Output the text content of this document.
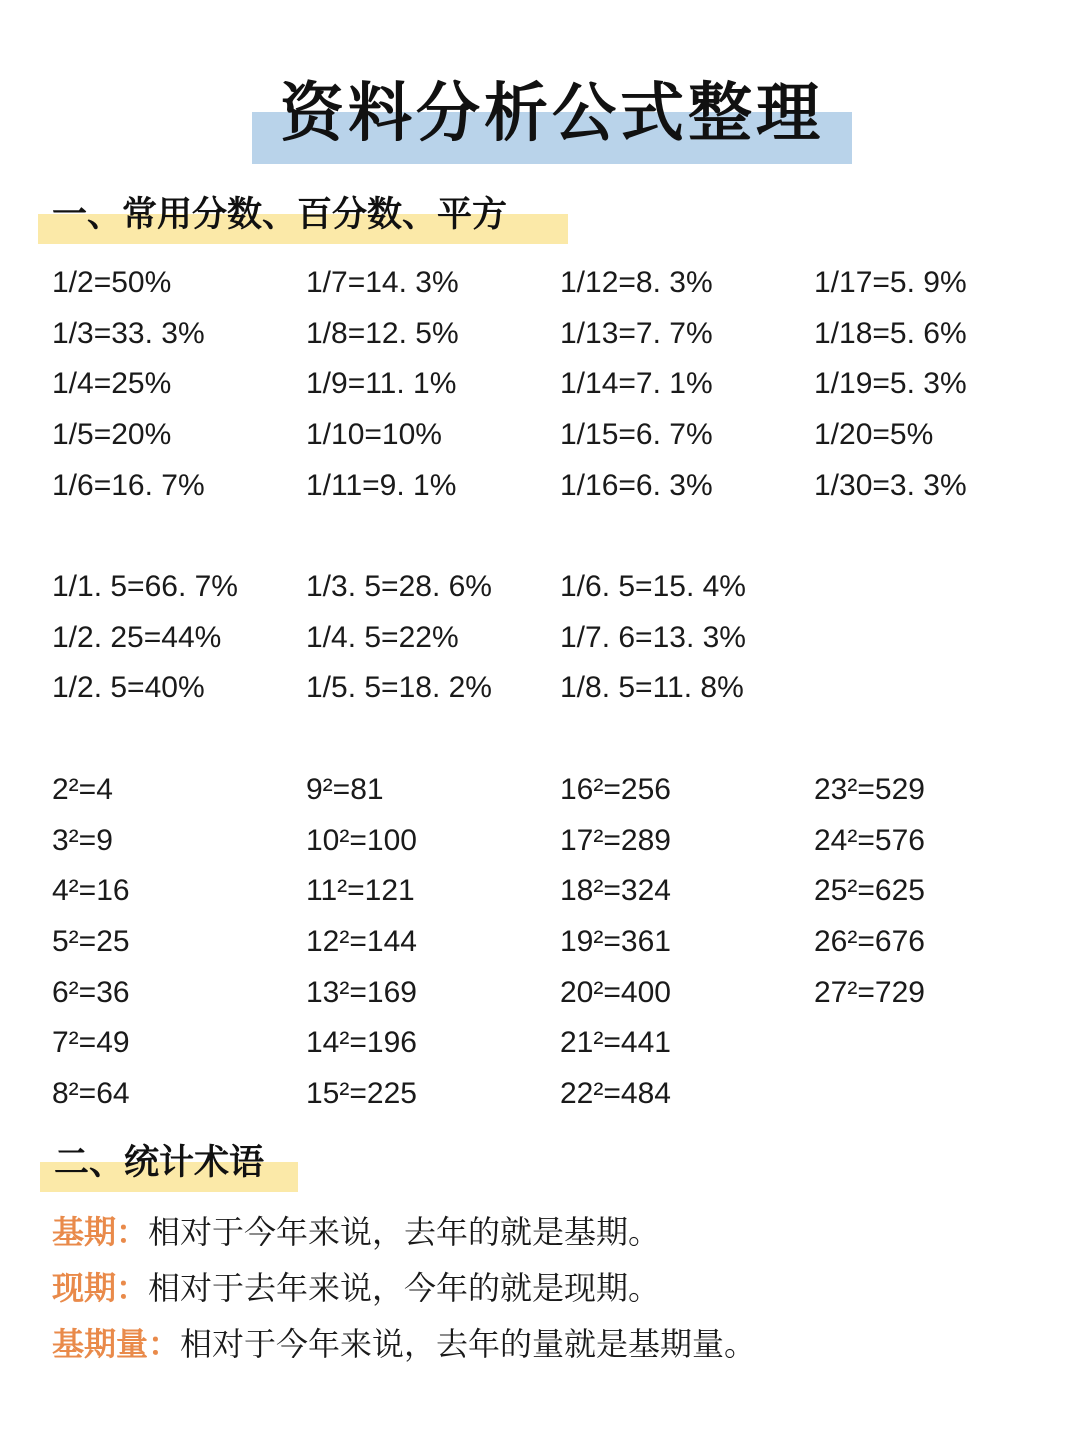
资料分析公式整理
一、常用分数、百分数、平方
1/2=50%	1/7=14. 3%	1/12=8. 3%	1/17=5. 9%
1/3=33. 3%	1/8=12. 5%	1/13=7. 7%	1/18=5. 6%
1/4=25%	1/9=11. 1%	1/14=7. 1%	1/19=5. 3%
1/5=20%	1/10=10%	1/15=6. 7%	1/20=5%
1/6=16. 7%	1/11=9. 1%	1/16=6. 3%	1/30=3. 3%
1/1. 5=66. 7%	1/3. 5=28. 6%	1/6. 5=15. 4%
1/2. 25=44%	1/4. 5=22%	1/7. 6=13. 3%
1/2. 5=40%	1/5. 5=18. 2%	1/8. 5=11. 8%
2²=4	9²=81	16²=256	23²=529
3²=9	10²=100	17²=289	24²=576
4²=16	11²=121	18²=324	25²=625
5²=25	12²=144	19²=361	26²=676
6²=36	13²=169	20²=400	27²=729
7²=49	14²=196	21²=441
8²=64	15²=225	22²=484
二、统计术语
基期：相对于今年来说，去年的就是基期。
现期：相对于去年来说，今年的就是现期。
基期量：相对于今年来说，去年的量就是基期量。
